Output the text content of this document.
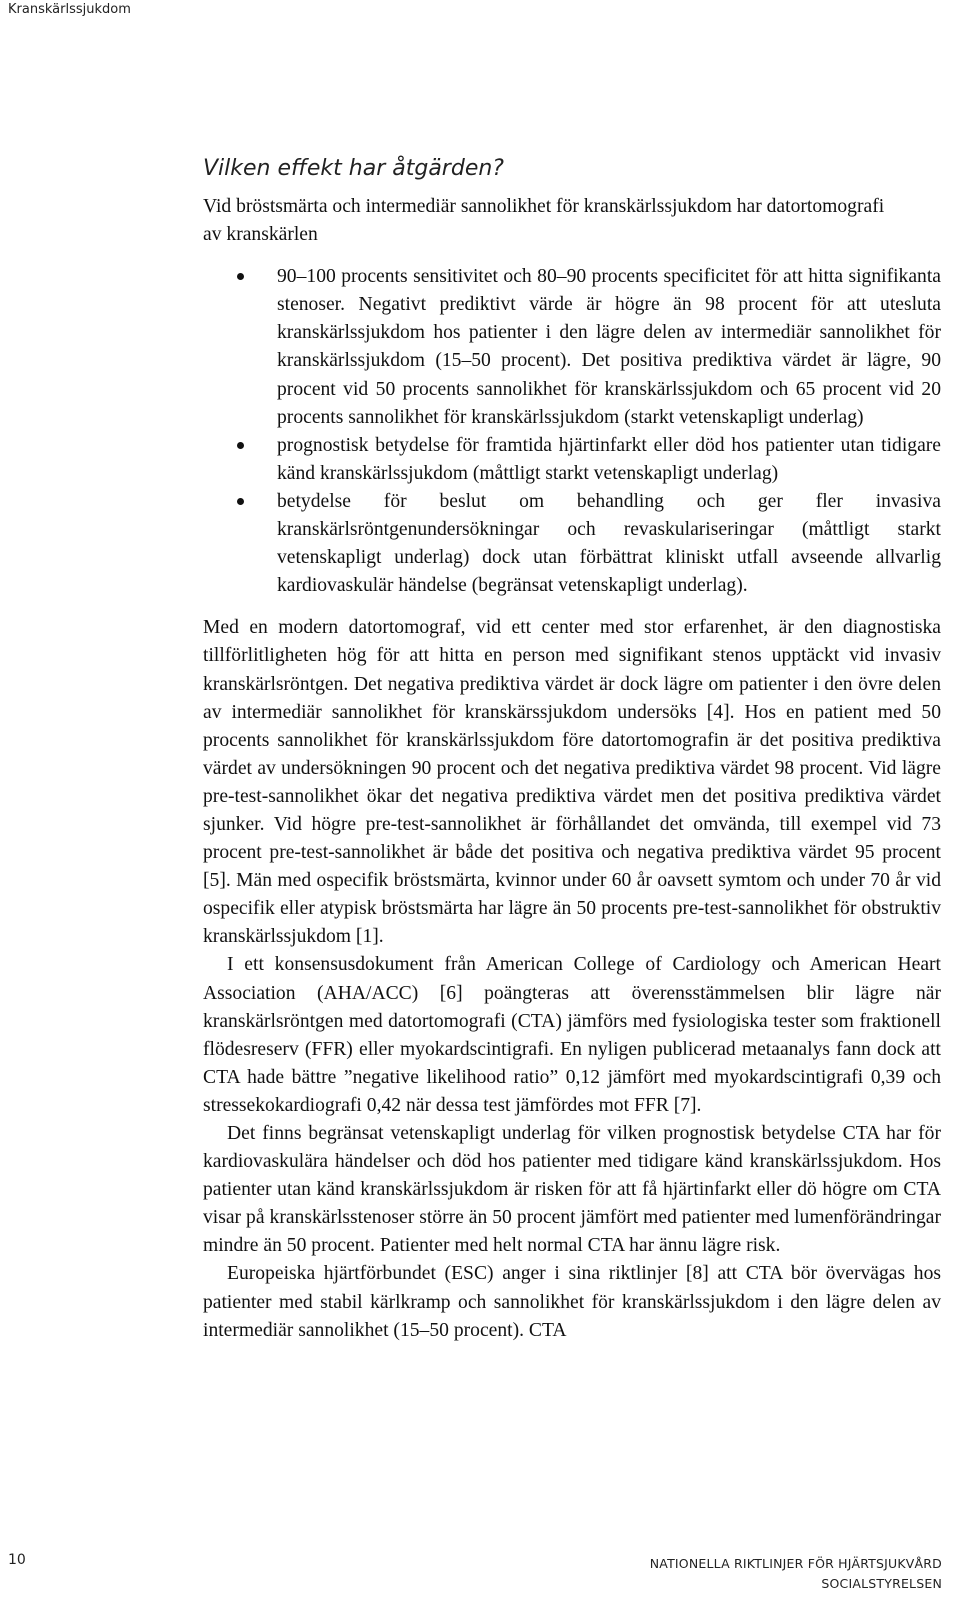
Kranskärlssjukdom
Vilken effekt har åtgärden?

Vid bröstsmärta och intermediär sannolikhet för kranskärlssjukdom har datortomografi av kranskärlen

90–100 procents sensitivitet och 80–90 procents specificitet för att hitta signifikanta stenoser. Negativt prediktivt värde är högre än 98 procent för att utesluta kranskärlssjukdom hos patienter i den lägre delen av intermediär sannolikhet för kranskärlssjukdom (15–50 procent). Det positiva prediktiva värdet är lägre, 90 procent vid 50 procents sannolikhet för kranskärlssjukdom och 65 procent vid 20 procents sannolikhet för kranskärlssjukdom (starkt vetenskapligt underlag)
prognostisk betydelse för framtida hjärtinfarkt eller död hos patienter utan tidigare känd kranskärlssjukdom (måttligt starkt vetenskapligt underlag)
betydelse för beslut om behandling och ger fler invasiva kranskärlsröntgenundersökningar och revaskulariseringar (måttligt starkt vetenskapligt underlag) dock utan förbättrat kliniskt utfall avseende allvarlig kardiovaskulär händelse (begränsat vetenskapligt underlag).

Med en modern datortomograf, vid ett center med stor erfarenhet, är den diagnostiska tillförlitligheten hög för att hitta en person med signifikant stenos upptäckt vid invasiv kranskärlsröntgen. Det negativa prediktiva värdet är dock lägre om patienter i den övre delen av intermediär sannolikhet för kranskärssjukdom undersöks [4]. Hos en patient med 50 procents sannolikhet för kranskärlssjukdom före datortomografin är det positiva prediktiva värdet av undersökningen 90 procent och det negativa prediktiva värdet 98 procent. Vid lägre pre-test-sannolikhet ökar det negativa prediktiva värdet men det positiva prediktiva värdet sjunker. Vid högre pre-test-sannolikhet är förhållandet det omvända, till exempel vid 73 procent pre-test-sannolikhet är både det positiva och negativa prediktiva värdet 95 procent [5]. Män med ospecifik bröstsmärta, kvinnor under 60 år oavsett symtom och under 70 år vid ospecifik eller atypisk bröstsmärta har lägre än 50 procents pre-test-sannolikhet för obstruktiv kranskärlssjukdom [1].

I ett konsensusdokument från American College of Cardiology och American Heart Association (AHA/ACC) [6] poängteras att överensstämmelsen blir lägre när kranskärlsröntgen med datortomografi (CTA) jämförs med fysiologiska tester som fraktionell flödesreserv (FFR) eller myokardscintigrafi. En nyligen publicerad metaanalys fann dock att CTA hade bättre ”negative likelihood ratio” 0,12 jämfört med myokardscintigrafi 0,39 och stressekokardiografi 0,42 när dessa test jämfördes mot FFR [7].

Det finns begränsat vetenskapligt underlag för vilken prognostisk betydelse CTA har för kardiovaskulära händelser och död hos patienter med tidigare känd kranskärlssjukdom. Hos patienter utan känd kranskärlssjukdom är risken för att få hjärtinfarkt eller dö högre om CTA visar på kranskärlsstenoser större än 50 procent jämfört med patienter med lumenförändringar mindre än 50 procent. Patienter med helt normal CTA har ännu lägre risk.

Europeiska hjärtförbundet (ESC) anger i sina riktlinjer [8] att CTA bör övervägas hos patienter med stabil kärlkramp och sannolikhet för kranskärlssjukdom i den lägre delen av intermediär sannolikhet (15–50 procent). CTA

10	NATIONELLA RIKTLINJER FÖR HJÄRTSJUKVÅRD
SOCIALSTYRELSEN
